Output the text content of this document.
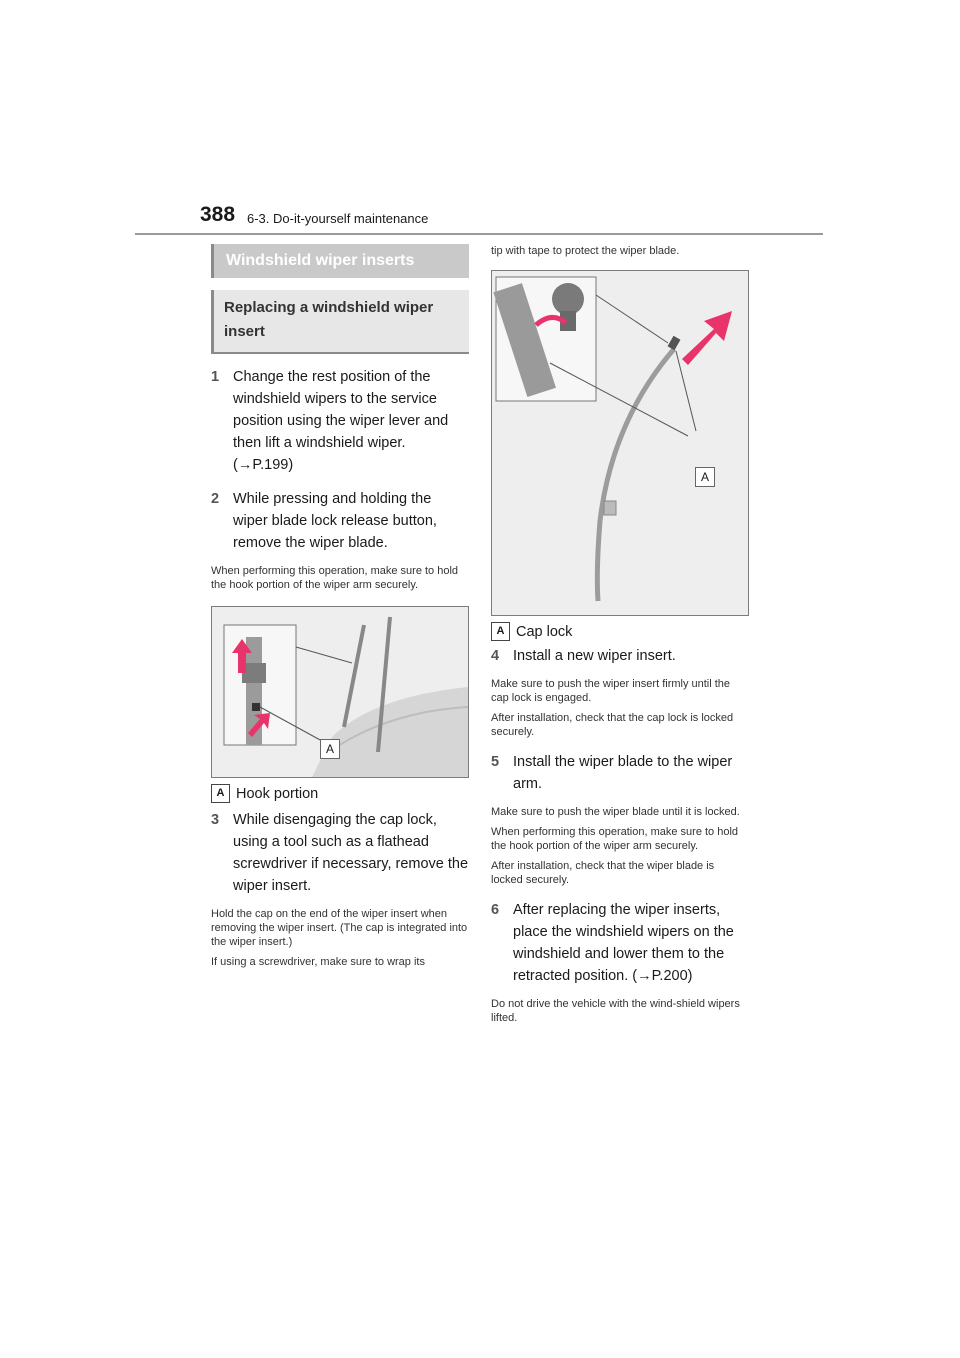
388 6-3. Do-it-yourself maintenance
Windshield wiper inserts
Replacing a windshield wiper insert
1 Change the rest position of the windshield wipers to the service position using the wiper lever and then lift a windshield wiper. (→P.199)
2 While pressing and holding the wiper blade lock release button, remove the wiper blade.
When performing this operation, make sure to hold the hook portion of the wiper arm securely.
A
A Hook portion
3 While disengaging the cap lock, using a tool such as a flathead screwdriver if necessary, remove the wiper insert.
Hold the cap on the end of the wiper insert when removing the wiper insert. (The cap is integrated into the wiper insert.)
If using a screwdriver, make sure to wrap its
tip with tape to protect the wiper blade.
A
A Cap lock
4 Install a new wiper insert.
Make sure to push the wiper insert firmly until the cap lock is engaged.
After installation, check that the cap lock is locked securely.
5 Install the wiper blade to the wiper arm.
Make sure to push the wiper blade until it is locked.
When performing this operation, make sure to hold the hook portion of the wiper arm securely.
After installation, check that the wiper blade is locked securely.
6 After replacing the wiper inserts, place the windshield wipers on the windshield and lower them to the retracted position. (→P.200)
Do not drive the vehicle with the wind-shield wipers lifted.
